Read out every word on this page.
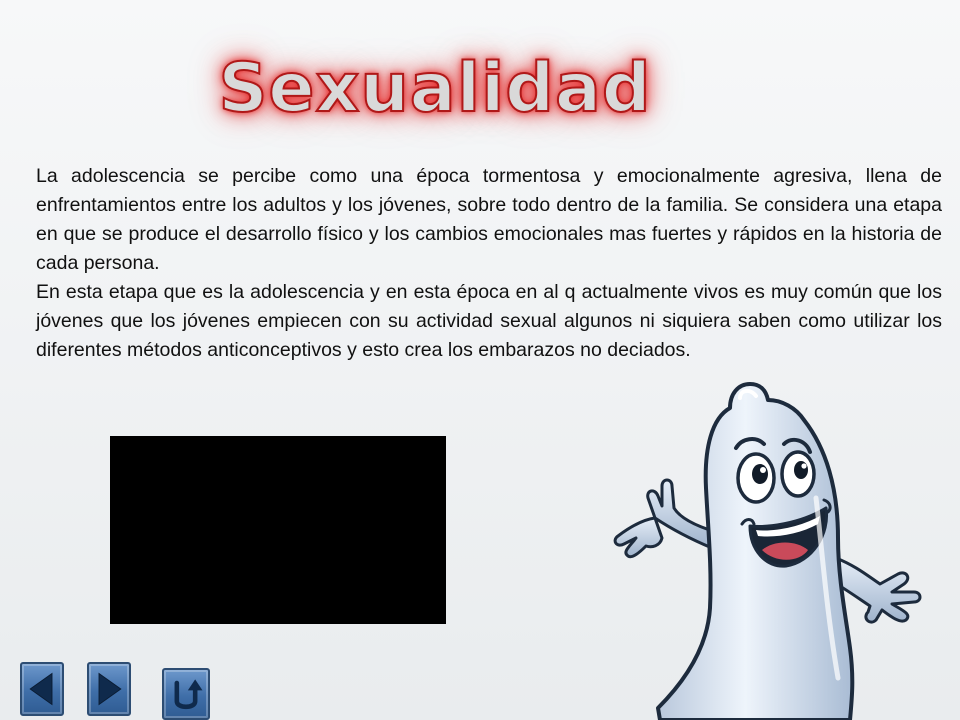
Sexualidad

La adolescencia se percibe como una época tormentosa y emocionalmente agresiva, llena de enfrentamientos entre los adultos y los jóvenes, sobre todo dentro de la familia. Se considera una etapa en que se produce el desarrollo físico y los cambios emocionales mas fuertes y rápidos en la historia de cada persona.

En esta etapa que es la adolescencia y en esta época en al q actualmente vivos es muy común que los jóvenes que los jóvenes empiecen con su actividad sexual algunos ni siquiera saben como utilizar los diferentes métodos anticonceptivos y esto crea los embarazos no deciados.
